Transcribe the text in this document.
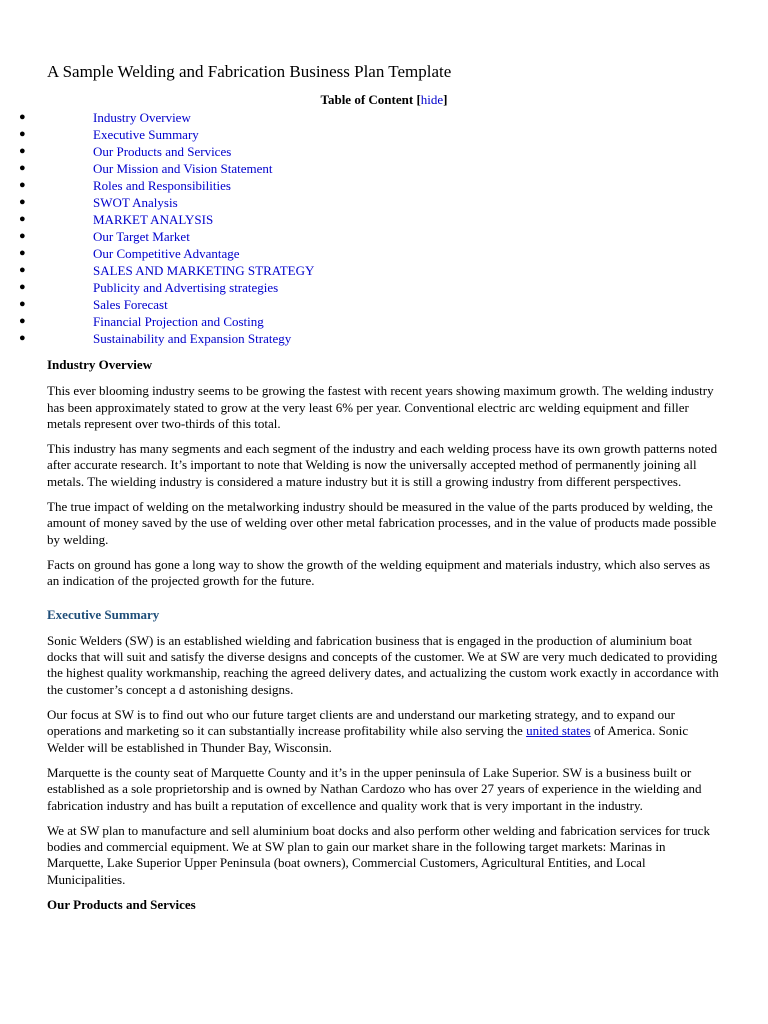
A Sample Welding and Fabrication Business Plan Template
Table of Content [hide]
●	Industry Overview
●	Executive Summary
●	Our Products and Services
●	Our Mission and Vision Statement
●	Roles and Responsibilities
●	SWOT Analysis
●	MARKET ANALYSIS
●	Our Target Market
●	Our Competitive Advantage
●	SALES AND MARKETING STRATEGY
●	Publicity and Advertising strategies
●	Sales Forecast
●	Financial Projection and Costing
●	Sustainability and Expansion Strategy
Industry Overview

This ever blooming industry seems to be growing the fastest with recent years showing maximum growth. The welding industry has been approximately stated to grow at the very least 6% per year. Conventional electric arc welding equipment and filler metals represent over two-thirds of this total.

This industry has many segments and each segment of the industry and each welding process have its own growth patterns noted after accurate research. It’s important to note that Welding is now the universally accepted method of permanently joining all metals. The wielding industry is considered a mature industry but it is still a growing industry from different perspectives.

The true impact of welding on the metalworking industry should be measured in the value of the parts produced by welding, the amount of money saved by the use of welding over other metal fabrication processes, and in the value of products made possible by welding.

Facts on ground has gone a long way to show the growth of the welding equipment and materials industry, which also serves as an indication of the projected growth for the future.

Executive Summary

Sonic Welders (SW) is an established wielding and fabrication business that is engaged in the production of aluminium boat docks that will suit and satisfy the diverse designs and concepts of the customer. We at SW are very much dedicated to providing the highest quality workmanship, reaching the agreed delivery dates, and actualizing the custom work exactly in accordance with the customer’s concept a d astonishing designs.

Our focus at SW is to find out who our future target clients are and understand our marketing strategy, and to expand our operations and marketing so it can substantially increase profitability while also serving the united states of America. Sonic Welder will be established in Thunder Bay, Wisconsin.

Marquette is the county seat of Marquette County and it’s in the upper peninsula of Lake Superior. SW is a business built or established as a sole proprietorship and is owned by Nathan Cardozo who has over 27 years of experience in the wielding and fabrication industry and has built a reputation of excellence and quality work that is very important in the industry.

We at SW plan to manufacture and sell aluminium boat docks and also perform other welding and fabrication services for truck bodies and commercial equipment. We at SW plan to gain our market share in the following target markets: Marinas in Marquette, Lake Superior Upper Peninsula (boat owners), Commercial Customers, Agricultural Entities, and Local Municipalities.

Our Products and Services
